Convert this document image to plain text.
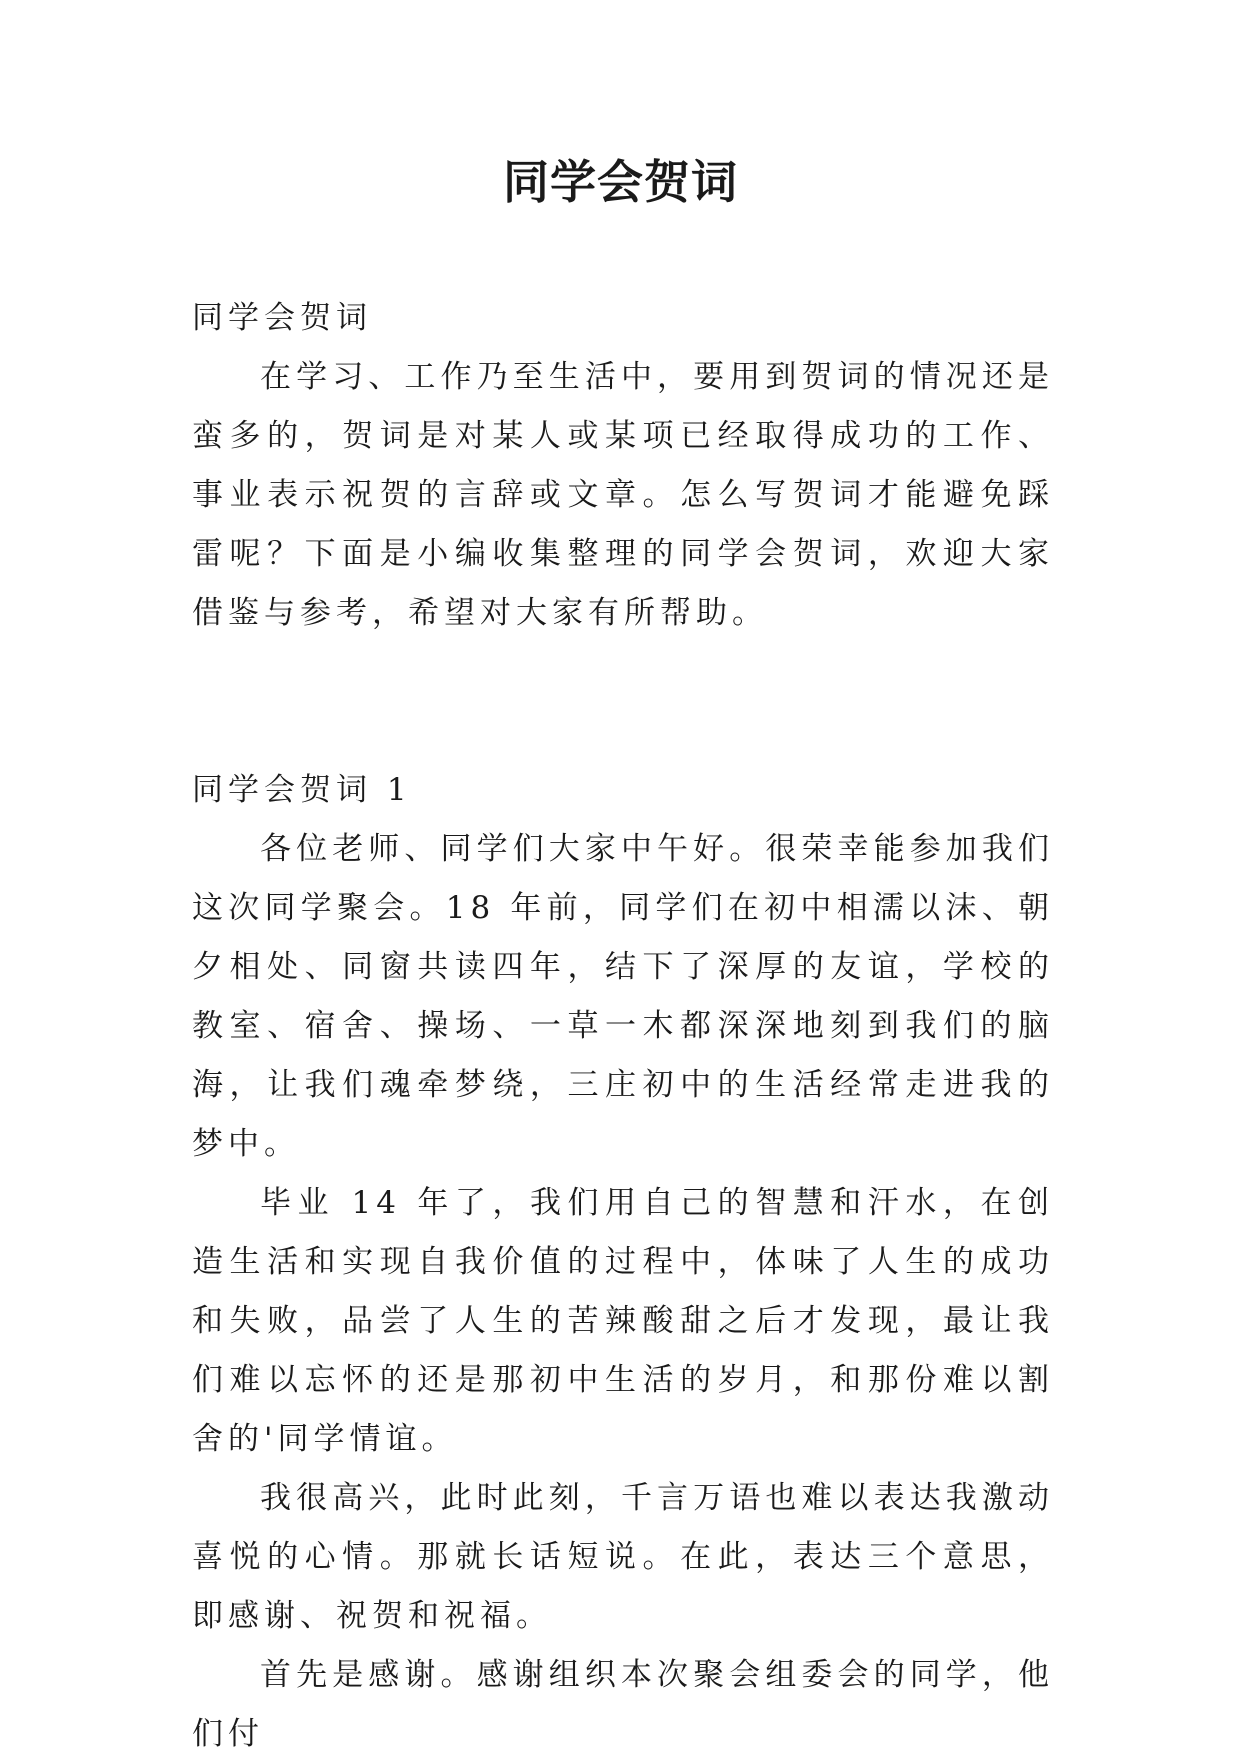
同学会贺词

同学会贺词

在学习、工作乃至生活中，要用到贺词的情况还是蛮多的，贺词是对某人或某项已经取得成功的工作、事业表示祝贺的言辞或文章。怎么写贺词才能避免踩雷呢？下面是小编收集整理的同学会贺词，欢迎大家借鉴与参考，希望对大家有所帮助。

同学会贺词 1

各位老师、同学们大家中午好。很荣幸能参加我们这次同学聚会。18 年前，同学们在初中相濡以沫、朝夕相处、同窗共读四年，结下了深厚的友谊，学校的教室、宿舍、操场、一草一木都深深地刻到我们的脑海，让我们魂牵梦绕，三庄初中的生活经常走进我的梦中。

毕业 14 年了，我们用自己的智慧和汗水，在创造生活和实现自我价值的过程中，体味了人生的成功和失败，品尝了人生的苦辣酸甜之后才发现，最让我们难以忘怀的还是那初中生活的岁月，和那份难以割舍的'同学情谊。

我很高兴，此时此刻，千言万语也难以表达我激动喜悦的心情。那就长话短说。在此，表达三个意思，即感谢、祝贺和祝福。

首先是感谢。感谢组织本次聚会组委会的同学，他们付
